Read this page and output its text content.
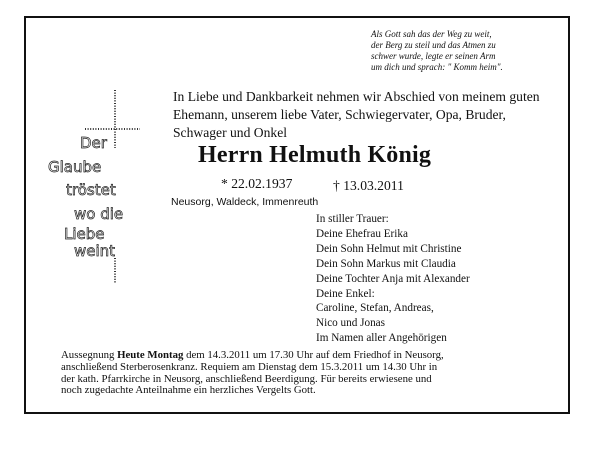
Als Gott sah das der Weg zu weit,
der Berg zu steil und das Atmen zu
schwer wurde, legte er seinen Arm
um dich und sprach: " Komm heim".
Der
Glaube
tröstet
wo die
Liebe
weint
In Liebe und Dankbarkeit nehmen wir Abschied von meinem guten Ehemann, unserem liebe Vater, Schwiegervater, Opa, Bruder, Schwager und Onkel
Herrn Helmuth König
* 22.02.1937	† 13.03.2011
Neusorg, Waldeck, Immenreuth
In stiller Trauer:
Deine Ehefrau Erika
Dein Sohn Helmut mit Christine
Dein Sohn Markus mit Claudia
Deine Tochter Anja mit Alexander
Deine Enkel:
Caroline, Stefan, Andreas,
Nico und Jonas
Im Namen aller Angehörigen
Aussegnung Heute Montag dem 14.3.2011 um 17.30 Uhr auf dem Friedhof in Neusorg,
anschließend Sterberosenkranz. Requiem am Dienstag dem 15.3.2011 um 14.30 Uhr in
der kath. Pfarrkirche in Neusorg, anschließend Beerdigung. Für bereits erwiesene und
noch zugedachte Anteilnahme ein herzliches Vergelts Gott.
